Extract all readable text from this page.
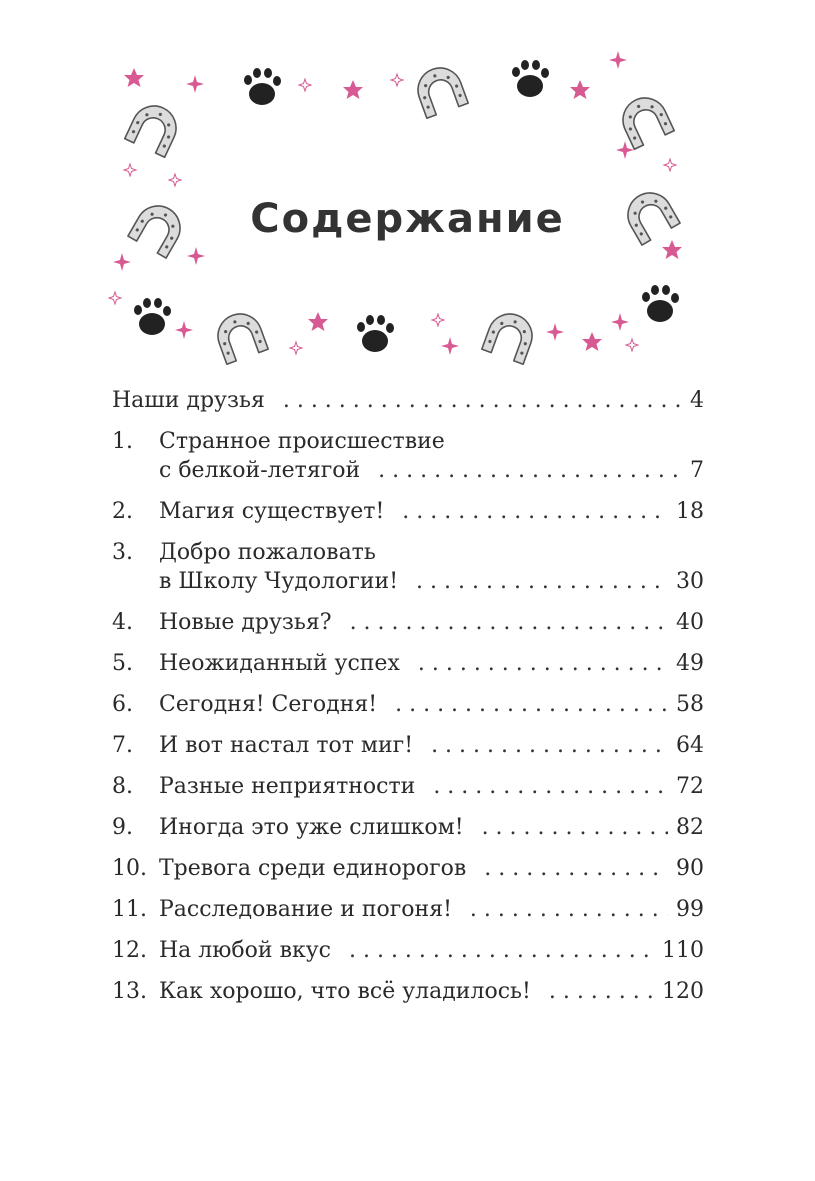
Содержание
Наши друзья . . .	4
1.	Странное происшествие
с белкой-летягой . . .	7
2.	Магия существует! . . .	18
3.	Добро пожаловать
в Школу Чудологии! . . .	30
4.	Новые друзья? . . .	40
5.	Неожиданный успех . . .	49
6.	Сегодня! Сегодня! . . .	58
7.	И вот настал тот миг! . . .	64
8.	Разные неприятности . . .	72
9.	Иногда это уже слишком! . . .	82
10. Тревога среди единорогов . . .	90
11. Расследование и погоня! . . .	99
12. На любой вкус . . .	110
13. Как хорошо, что всё уладилось! . . .	120
